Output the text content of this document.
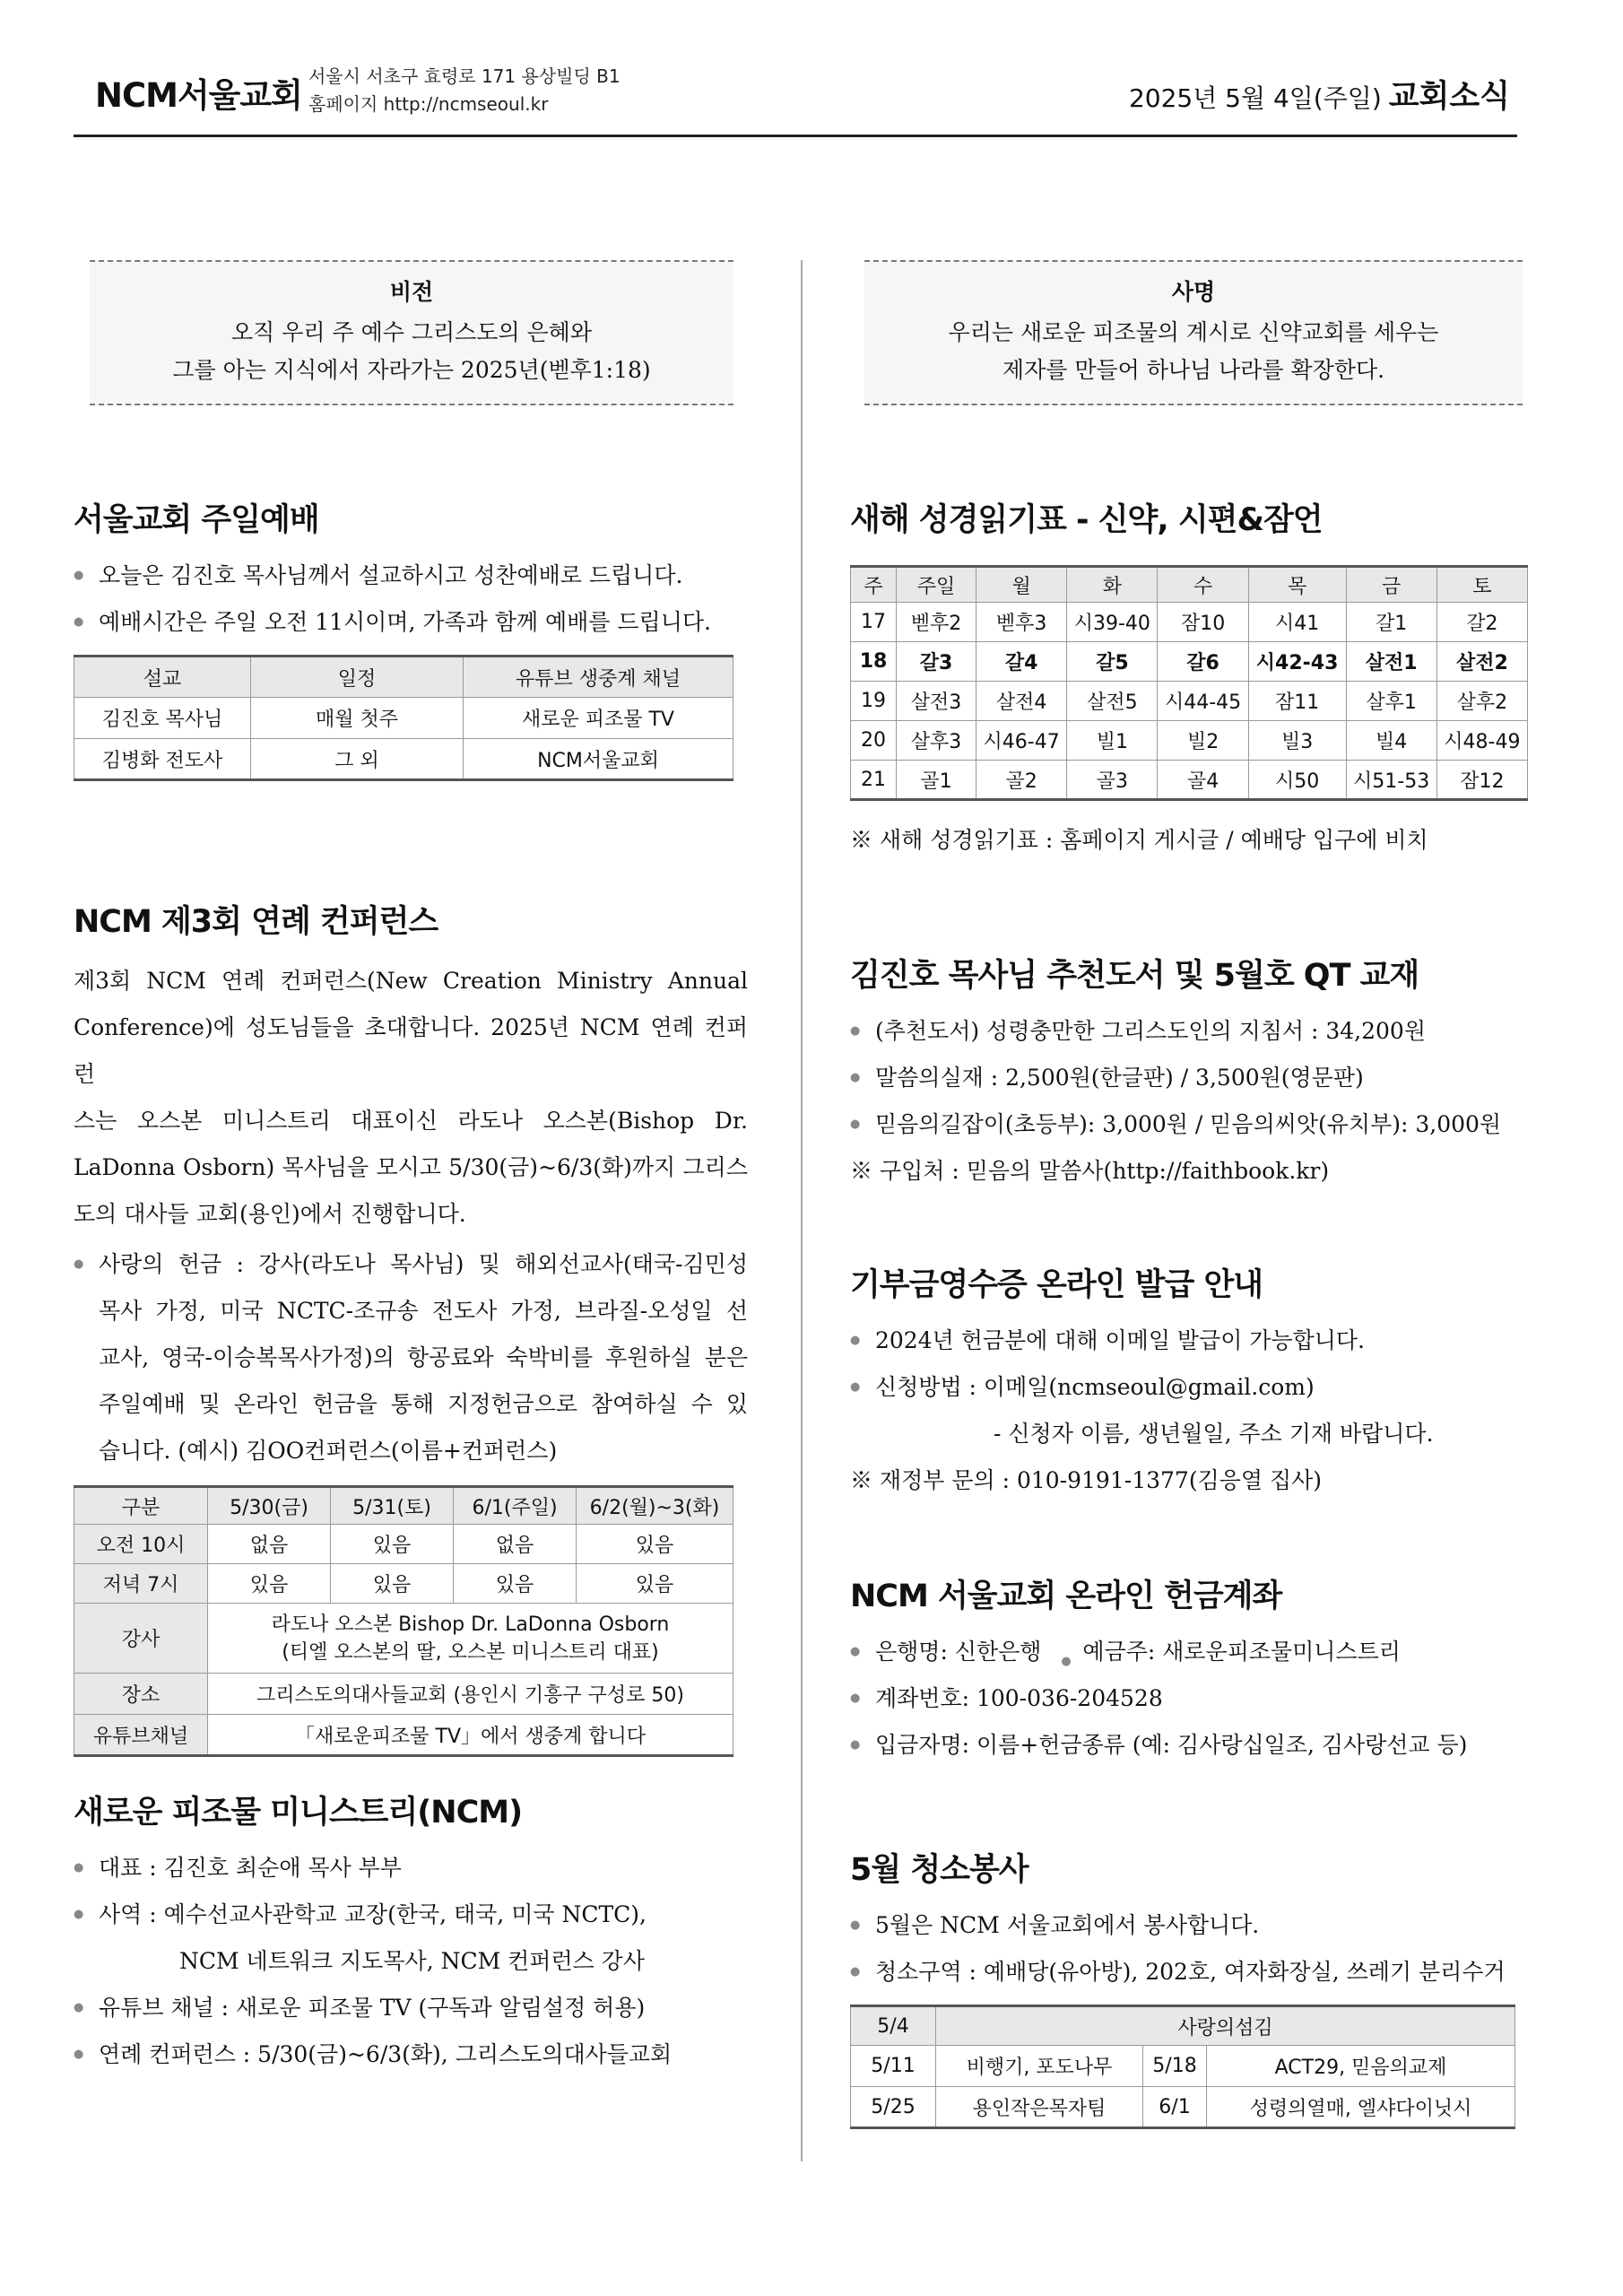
NCM서울교회 서울시 서초구 효령로 171 용상빌딩 B1
홈페이지 http://ncmseoul.kr	2025년 5월 4일(주일) 교회소식
비전
오직 우리 주 예수 그리스도의 은혜와
그를 아는 지식에서 자라가는 2025년(벧후1:18)
서울교회 주일예배
● 오늘은 김진호 목사님께서 설교하시고 성찬예배로 드립니다.
● 예배시간은 주일 오전 11시이며, 가족과 함께 예배를 드립니다.
설교	일정	유튜브 생중계 채널
김진호 목사님	매월 첫주	새로운 피조물 TV
김병화 전도사	그 외	NCM서울교회
NCM 제3회 연례 컨퍼런스
제3회 NCM 연례 컨퍼런스(New Creation Ministry Annual
Conference)에 성도님들을 초대합니다. 2025년 NCM 연례 컨퍼런
스는 오스본 미니스트리 대표이신 라도나 오스본(Bishop Dr.
LaDonna Osborn) 목사님을 모시고 5/30(금)~6/3(화)까지 그리스
도의 대사들 교회(용인)에서 진행합니다.
● 사랑의 헌금 : 강사(라도나 목사님) 및 해외선교사(태국-김민성
목사 가정, 미국 NCTC-조규송 전도사 가정, 브라질-오성일 선
교사, 영국-이승복목사가정)의 항공료와 숙박비를 후원하실 분은
주일예배 및 온라인 헌금을 통해 지정헌금으로 참여하실 수 있
습니다. (예시) 김OO컨퍼런스(이름+컨퍼런스)
구분	5/30(금)	5/31(토)	6/1(주일)	6/2(월)~3(화)
오전 10시	없음	있음	없음	있음
저녁 7시	있음	있음	있음	있음
강사	라도나 오스본 Bishop Dr. LaDonna Osborn
(티엘 오스본의 딸, 오스본 미니스트리 대표)			

장소	그리스도의대사들교회 (용인시 기흥구 구성로 50)			
유튜브채널	「새로운피조물 TV」에서 생중계 합니다			
새로운 피조물 미니스트리(NCM)
● 대표 : 김진호 최순애 목사 부부
● 사역 : 예수선교사관학교 교장(한국, 태국, 미국 NCTC),
NCM 네트워크 지도목사, NCM 컨퍼런스 강사
● 유튜브 채널 : 새로운 피조물 TV (구독과 알림설정 허용)
● 연례 컨퍼런스 : 5/30(금)~6/3(화), 그리스도의대사들교회
사명
우리는 새로운 피조물의 계시로 신약교회를 세우는
제자를 만들어 하나님 나라를 확장한다.
새해 성경읽기표 - 신약, 시편&잠언
주	주일	월	화	수	목	금	토
17	벧후2	벧후3	시39-40	잠10	시41	갈1	갈2
18	갈3	갈4	갈5	갈6	시42-43	살전1	살전2
19	살전3	살전4	살전5	시44-45	잠11	살후1	살후2
20	살후3	시46-47	빌1	빌2	빌3	빌4	시48-49
21	골1	골2	골3	골4	시50	시51-53	잠12
※ 새해 성경읽기표 : 홈페이지 게시글 / 예배당 입구에 비치
김진호 목사님 추천도서 및 5월호 QT 교재
● (추천도서) 성령충만한 그리스도인의 지침서 : 34,200원
● 말씀의실재 : 2,500원(한글판) / 3,500원(영문판)
● 믿음의길잡이(초등부): 3,000원 / 믿음의씨앗(유치부): 3,000원
※ 구입처 : 믿음의 말씀사(http://faithbook.kr)
기부금영수증 온라인 발급 안내
● 2024년 헌금분에 대해 이메일 발급이 가능합니다.
● 신청방법 : 이메일(ncmseoul@gmail.com)
- 신청자 이름, 생년월일, 주소 기재 바랍니다.
※ 재정부 문의 : 010-9191-1377(김응열 집사)
NCM 서울교회 온라인 헌금계좌
● 은행명: 신한은행 ● 예금주: 새로운피조물미니스트리
● 계좌번호: 100-036-204528
● 입금자명: 이름+헌금종류 (예: 김사랑십일조, 김사랑선교 등)
5월 청소봉사
● 5월은 NCM 서울교회에서 봉사합니다.
● 청소구역 : 예배당(유아방), 202호, 여자화장실, 쓰레기 분리수거
5/4	사랑의섬김		
5/11	비행기, 포도나무	5/18	ACT29, 믿음의교제
5/25	용인작은목자팀	6/1	성령의열매, 엘샤다이닛시
